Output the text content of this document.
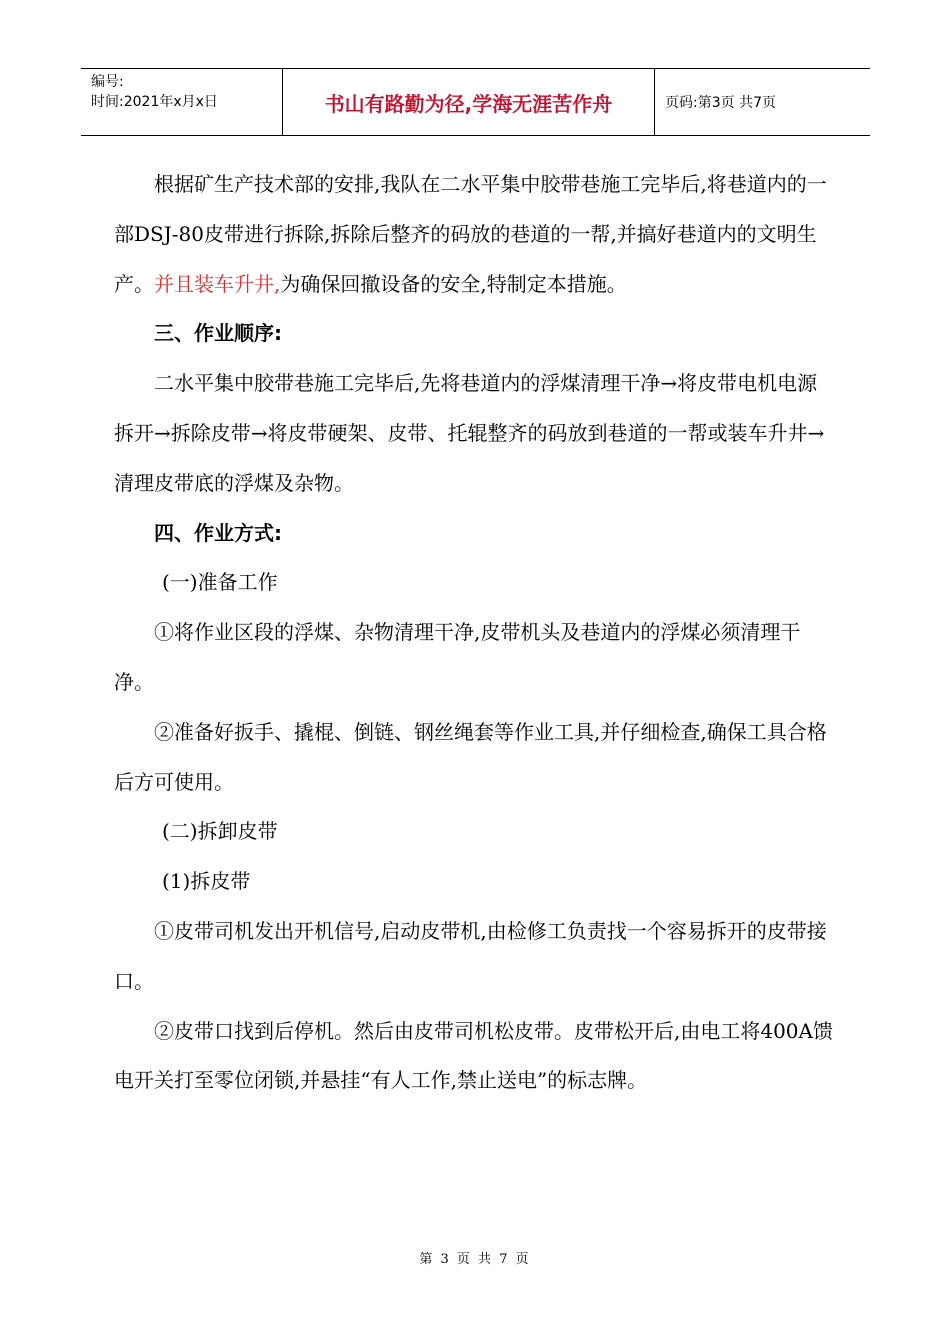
编号:
时间:2021年x月x日	书山有路勤为径,学海无涯苦作舟	页码:第3页 共7页

根据矿生产技术部的安排,我队在二水平集中胶带巷施工完毕后,将巷道内的一部DSJ-80皮带进行拆除,拆除后整齐的码放的巷道的一帮,并搞好巷道内的文明生产。并且装车升井,为确保回撤设备的安全,特制定本措施。

三、作业顺序:

二水平集中胶带巷施工完毕后,先将巷道内的浮煤清理干净→将皮带电机电源拆开→拆除皮带→将皮带硬架、皮带、托辊整齐的码放到巷道的一帮或装车升井→清理皮带底的浮煤及杂物。

四、作业方式:

(一)准备工作

①将作业区段的浮煤、杂物清理干净,皮带机头及巷道内的浮煤必须清理干净。

②准备好扳手、撬棍、倒链、钢丝绳套等作业工具,并仔细检查,确保工具合格后方可使用。

(二)拆卸皮带

(1)拆皮带

①皮带司机发出开机信号,启动皮带机,由检修工负责找一个容易拆开的皮带接口。

②皮带口找到后停机。然后由皮带司机松皮带。皮带松开后,由电工将400A馈电开关打至零位闭锁,并悬挂“有人工作,禁止送电”的标志牌。

第 3 页 共 7 页
